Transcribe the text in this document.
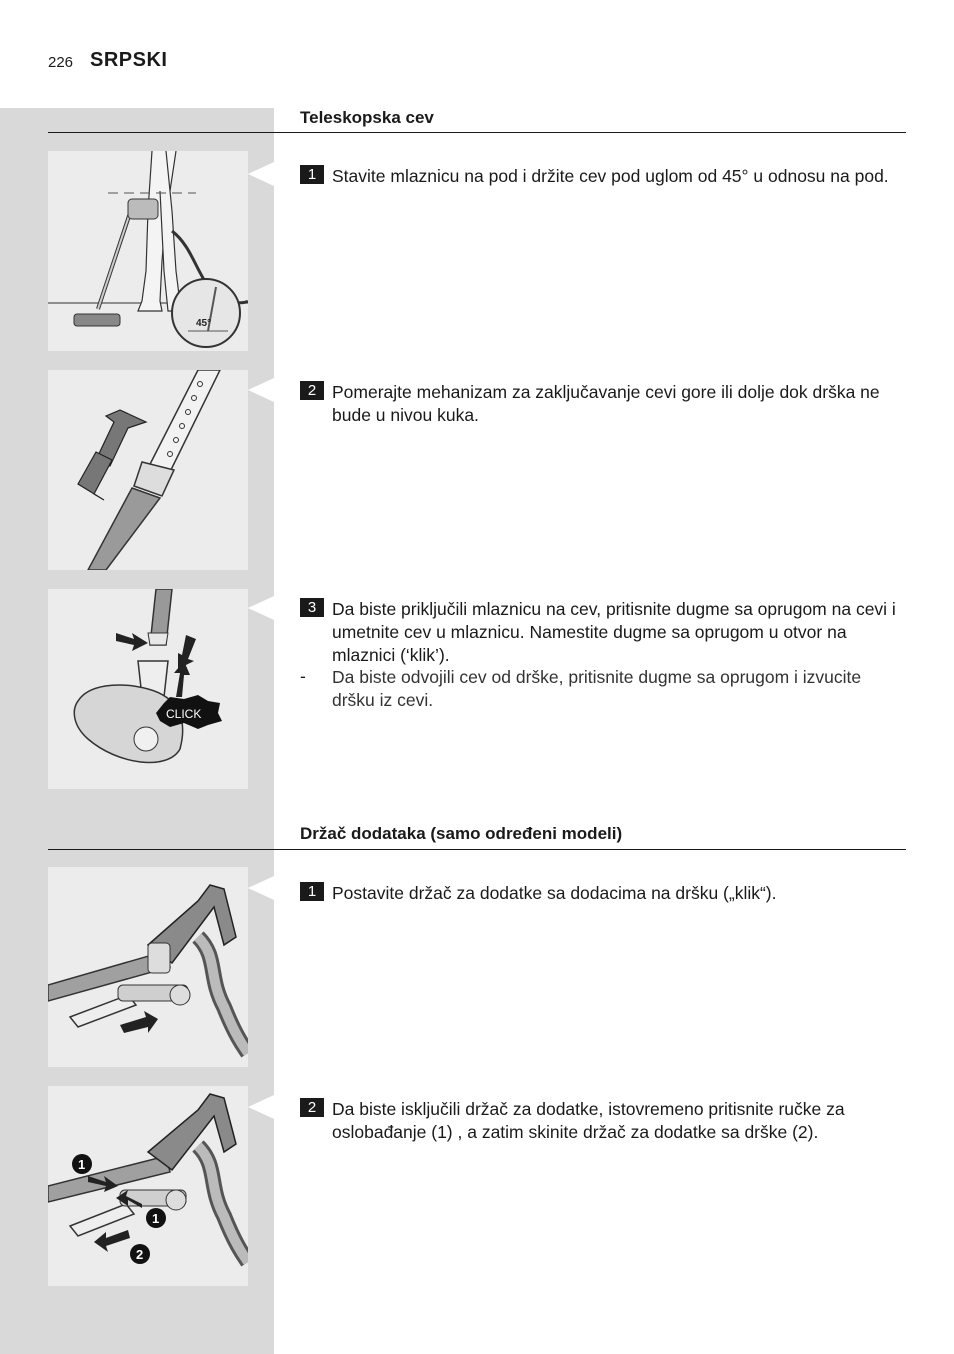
226 SRPSKI
Teleskopska cev
45°
1 Stavite mlaznicu na pod i držite cev pod uglom od 45° u odnosu na pod.
2 Pomerajte mehanizam za zaključavanje cevi gore ili dolje dok drška ne bude u nivou kuka.
CLICK
3 Da biste priključili mlaznicu na cev, pritisnite dugme sa oprugom na cevi i umetnite cev u mlaznicu. Namestite dugme sa oprugom u otvor na mlaznici (‘klik’).
- Da biste odvojili cev od drške, pritisnite dugme sa oprugom i izvucite dršku iz cevi.
Držač dodataka (samo određeni modeli)
1 Postavite držač za dodatke sa dodacima na dršku („klik“).
1
1
2
2 Da biste isključili držač za dodatke, istovremeno pritisnite ručke za oslobađanje (1) , a zatim skinite držač za dodatke sa drške (2).
